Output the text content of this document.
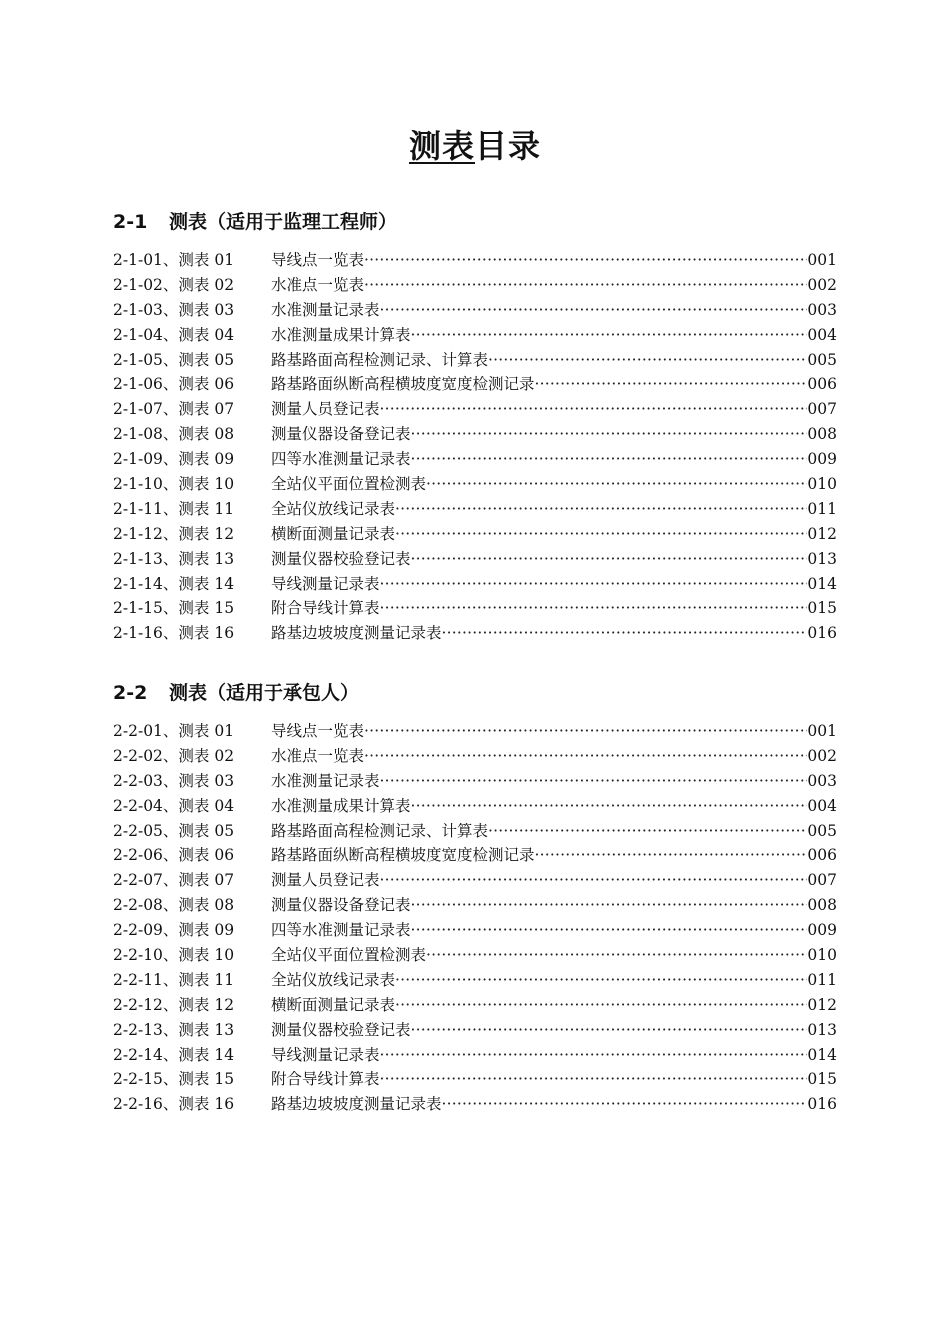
测表目录
2-1 测表（适用于监理工程师）
2-1-01、测表 01	导线点一览表 ·····	001
2-1-02、测表 02	水准点一览表 ·····	002
2-1-03、测表 03	水准测量记录表 ·····	003
2-1-04、测表 04	水准测量成果计算表 ·····	004
2-1-05、测表 05	路基路面高程检测记录、计算表 ·····	005
2-1-06、测表 06	路基路面纵断高程横坡度宽度检测记录 ·····	006
2-1-07、测表 07	测量人员登记表 ·····	007
2-1-08、测表 08	测量仪器设备登记表 ·····	008
2-1-09、测表 09	四等水准测量记录表 ·····	009
2-1-10、测表 10	全站仪平面位置检测表 ·····	010
2-1-11、测表 11	全站仪放线记录表 ·····	011
2-1-12、测表 12	横断面测量记录表 ·····	012
2-1-13、测表 13	测量仪器校验登记表 ·····	013
2-1-14、测表 14	导线测量记录表 ·····	014
2-1-15、测表 15	附合导线计算表 ·····	015
2-1-16、测表 16	路基边坡坡度测量记录表 ·····	016
2-2 测表（适用于承包人）
2-2-01、测表 01	导线点一览表 ·····	001
2-2-02、测表 02	水准点一览表 ·····	002
2-2-03、测表 03	水准测量记录表 ·····	003
2-2-04、测表 04	水准测量成果计算表 ·····	004
2-2-05、测表 05	路基路面高程检测记录、计算表 ·····	005
2-2-06、测表 06	路基路面纵断高程横坡度宽度检测记录 ·····	006
2-2-07、测表 07	测量人员登记表 ·····	007
2-2-08、测表 08	测量仪器设备登记表 ·····	008
2-2-09、测表 09	四等水准测量记录表 ·····	009
2-2-10、测表 10	全站仪平面位置检测表 ·····	010
2-2-11、测表 11	全站仪放线记录表 ·····	011
2-2-12、测表 12	横断面测量记录表 ·····	012
2-2-13、测表 13	测量仪器校验登记表 ·····	013
2-2-14、测表 14	导线测量记录表 ·····	014
2-2-15、测表 15	附合导线计算表 ·····	015
2-2-16、测表 16	路基边坡坡度测量记录表 ·····	016
